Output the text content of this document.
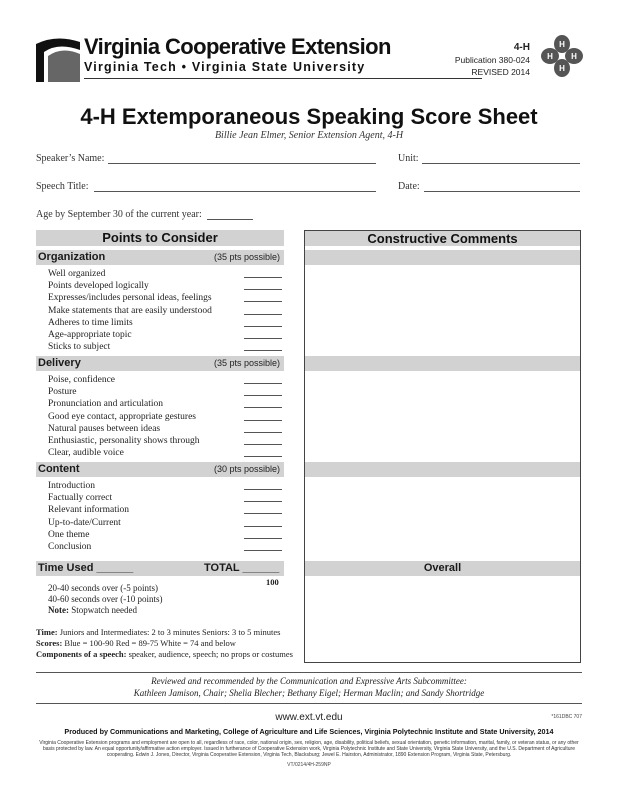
Virginia Cooperative Extension
Virginia Tech • Virginia State University
4-H
Publication 380-024
REVISED 2014
H
H
H H
4-H Extemporaneous Speaking Score Sheet
Billie Jean Elmer, Senior Extension Agent, 4-H
Speaker’s Name:	Unit:
Speech Title:	Date:
Age by September 30 of the current year:
Points to Consider
Organization	(35 pts possible)
Well organized
Points developed logically
Expresses/includes personal ideas, feelings
Make statements that are easily understood
Adheres to time limits
Age-appropriate topic
Sticks to subject
Delivery	(35 pts possible)
Poise, confidence
Posture
Pronunciation and articulation
Good eye contact, appropriate gestures
Natural pauses between ideas
Enthusiastic, personality shows through
Clear, audible voice
Content	(30 pts possible)
Introduction
Factually correct
Relevant information
Up-to-date/Current
One theme
Conclusion
Time Used ______	TOTAL ______
100
20-40 seconds over (-5 points)
40-60 seconds over (-10 points)
Note: Stopwatch needed
Time: Juniors and Intermediates: 2 to 3 minutes Seniors: 3 to 5 minutes
Scores: Blue = 100-90 Red = 89-75 White = 74 and below
Components of a speech: speaker, audience, speech; no props or costumes
Constructive Comments
Overall
Reviewed and recommended by the Communication and Expressive Arts Subcommittee:
Kathleen Jamison, Chair; Shelia Blecher; Bethany Eigel; Herman Maclin; and Sandy Shortridge
www.ext.vt.edu	*161DBC 707
Produced by Communications and Marketing, College of Agriculture and Life Sciences, Virginia Polytechnic Institute and State University, 2014
Virginia Cooperative Extension programs and employment are open to all, regardless of race, color, national origin, sex, religion, age, disability, political beliefs, sexual orientation, genetic information, marital, family, or veteran status, or any other basis protected by law. An equal opportunity/affirmative action employer. Issued in furtherance of Cooperative Extension work, Virginia Polytechnic Institute and State University, Virginia State University, and the U.S. Department of Agriculture cooperating. Edwin J. Jones, Director, Virginia Cooperative Extension, Virginia Tech, Blacksburg; Jewel E. Hairston, Administrator, 1890 Extension Program, Virginia State, Petersburg.
VT/0214/4H-259NP
